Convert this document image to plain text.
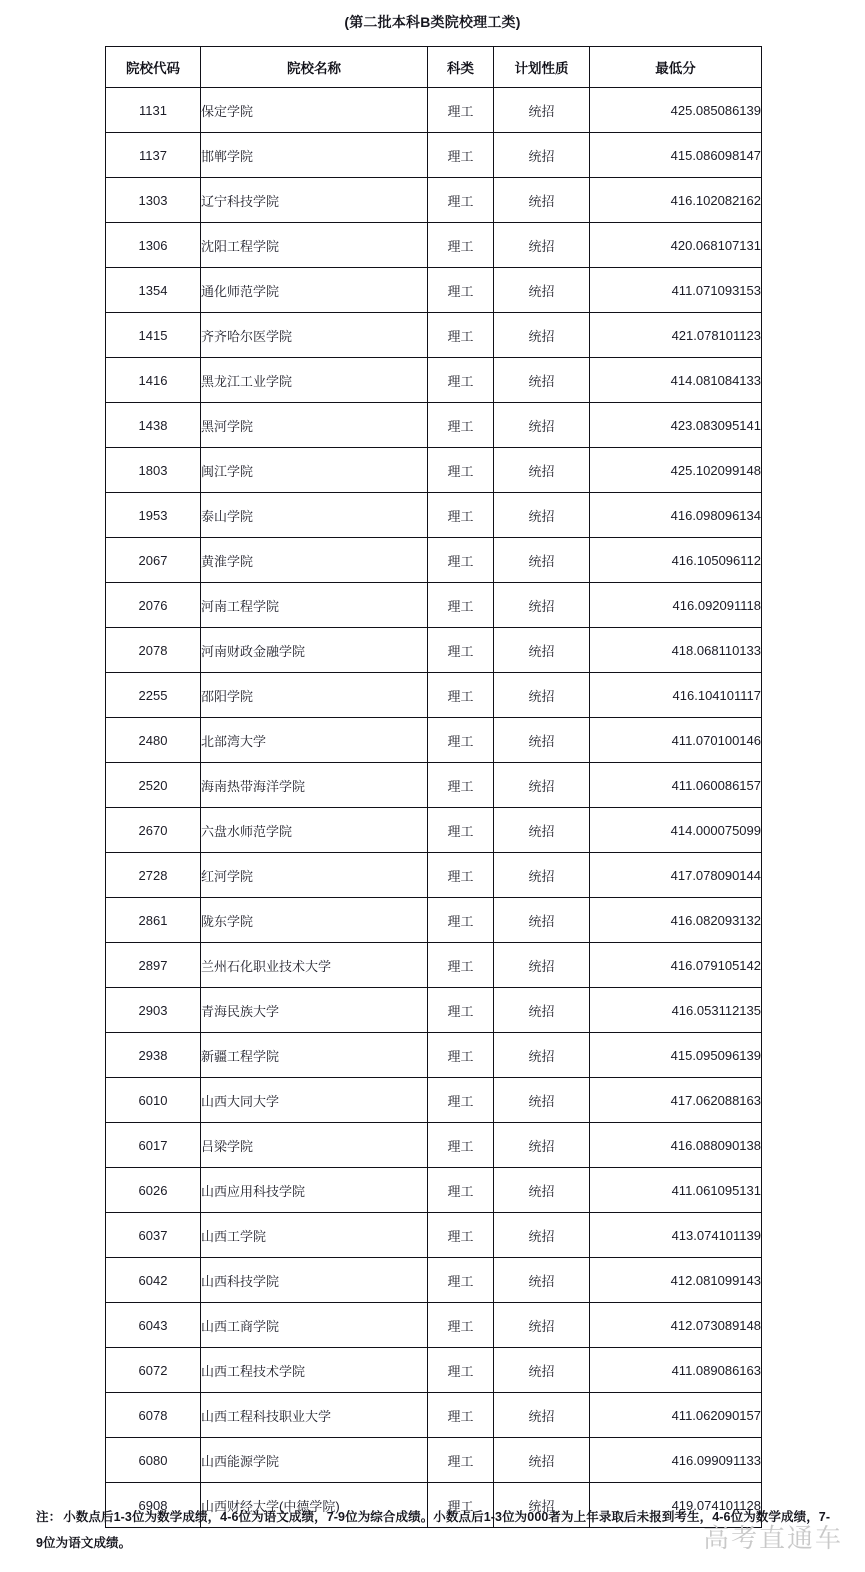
(第二批本科B类院校理工类)
院校代码	院校名称	科类	计划性质	最低分
1131	保定学院	理工	统招	425.085086139
1137	邯郸学院	理工	统招	415.086098147
1303	辽宁科技学院	理工	统招	416.102082162
1306	沈阳工程学院	理工	统招	420.068107131
1354	通化师范学院	理工	统招	411.071093153
1415	齐齐哈尔医学院	理工	统招	421.078101123
1416	黑龙江工业学院	理工	统招	414.081084133
1438	黑河学院	理工	统招	423.083095141
1803	闽江学院	理工	统招	425.102099148
1953	泰山学院	理工	统招	416.098096134
2067	黄淮学院	理工	统招	416.105096112
2076	河南工程学院	理工	统招	416.092091118
2078	河南财政金融学院	理工	统招	418.068110133
2255	邵阳学院	理工	统招	416.104101117
2480	北部湾大学	理工	统招	411.070100146
2520	海南热带海洋学院	理工	统招	411.060086157
2670	六盘水师范学院	理工	统招	414.000075099
2728	红河学院	理工	统招	417.078090144
2861	陇东学院	理工	统招	416.082093132
2897	兰州石化职业技术大学	理工	统招	416.079105142
2903	青海民族大学	理工	统招	416.053112135
2938	新疆工程学院	理工	统招	415.095096139
6010	山西大同大学	理工	统招	417.062088163
6017	吕梁学院	理工	统招	416.088090138
6026	山西应用科技学院	理工	统招	411.061095131
6037	山西工学院	理工	统招	413.074101139
6042	山西科技学院	理工	统招	412.081099143
6043	山西工商学院	理工	统招	412.073089148
6072	山西工程技术学院	理工	统招	411.089086163
6078	山西工程科技职业大学	理工	统招	411.062090157
6080	山西能源学院	理工	统招	416.099091133
6908	山西财经大学(中德学院)	理工	统招	419.074101128
注： 小数点后1-3位为数学成绩，4-6位为语文成绩，7-9位为综合成绩。小数点后1-3位为000者为上年录取后未报到考生，4-6位为数学成绩，7-9位为语文成绩。	高考直通车
